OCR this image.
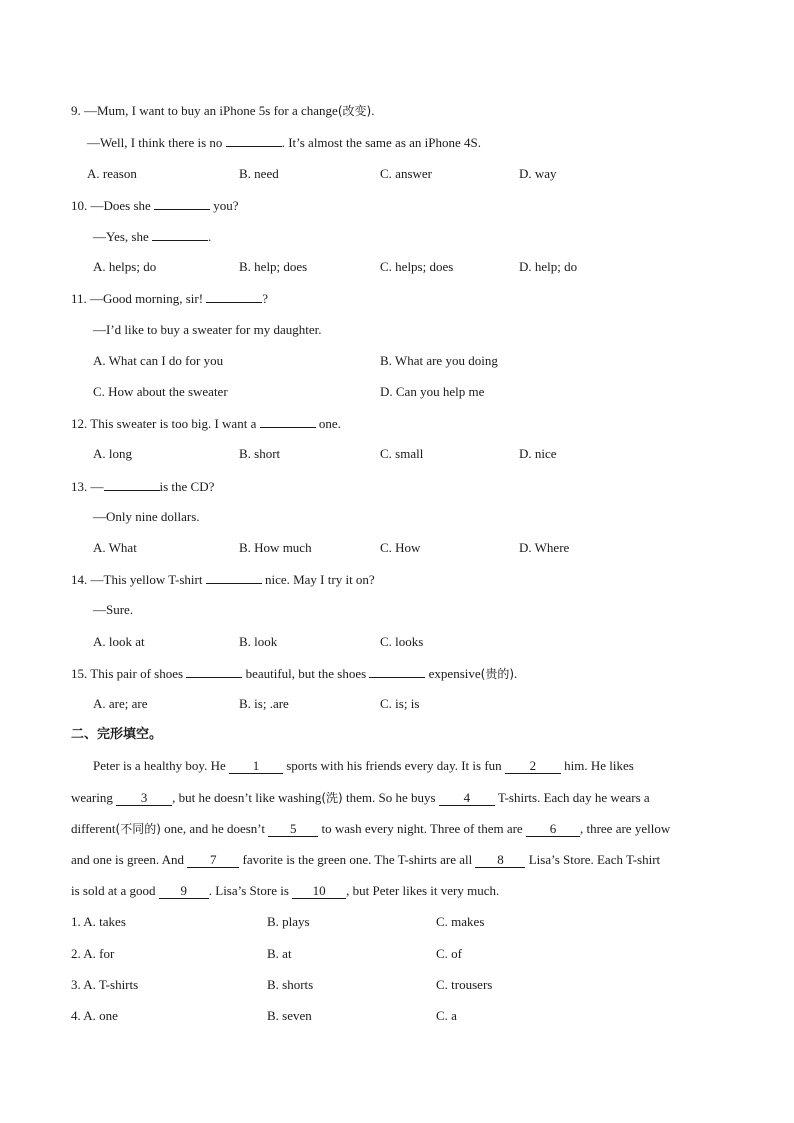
9. —Mum, I want to buy an iPhone 5s for a change(改变).
—Well, I think there is no	. It’s almost the same as an iPhone 4S.
A. reason	B. need	C. answer	D. way
10. —Does she	you?
—Yes, she	.
A. helps; do	B. help; does	C. helps; does	D. help; do
11. —Good morning, sir!	?
—I’d like to buy a sweater for my daughter.
A. What can I do for you	B. What are you doing
C. How about the sweater	D. Can you help me
12. This sweater is too big. I want a	one.
A. long	B. short	C. small	D. nice
13. —	is the CD?
—Only nine dollars.
A. What	B. How much	C. How	D. Where
14. —This yellow T-shirt	nice. May I try it on?
—Sure.
A. look at	B. look	C. looks
15. This pair of shoes	beautiful, but the shoes	expensive(贵的).
A. are; are	B. is; .are	C. is; is
二、完形填空。
Peter is a healthy boy. He 1 sports with his friends every day. It is fun 2 him. He likes
wearing 3 , but he doesn’t like washing(洗) them. So he buys 4 T-shirts. Each day he wears a
different(不同的) one, and he doesn’t 5 to wash every night. Three of them are 6 , three are yellow
and one is green. And 7 favorite is the green one. The T-shirts are all 8 Lisa’s Store. Each T-shirt
is sold at a good 9 . Lisa’s Store is 10 , but Peter likes it very much.
1. A. takes	B. plays	C. makes
2. A. for	B. at	C. of
3. A. T-shirts	B. shorts	C. trousers
4. A. one	B. seven	C. a
